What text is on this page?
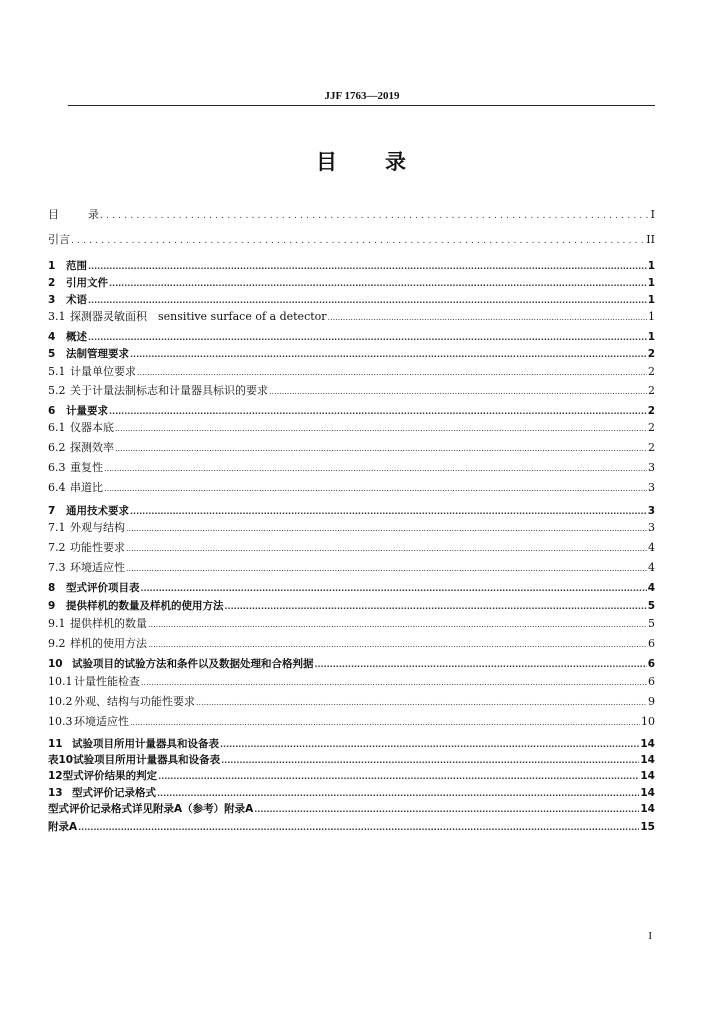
JJF 1763—2019
目　　录
目	录 .....	I
引言 .....	II
1	范围 .....	1
2	引用文件 .....	1
3	术语 .....	1
3.1 探测器灵敏面积　sensitive surface of a detector .....	1
4	概述 .....	1
5	法制管理要求 .....	2
5.1 计量单位要求 .....	2
5.2 关于计量法制标志和计量器具标识的要求 .....	2
6	计量要求 .....	2
6.1 仪器本底 .....	2
6.2 探测效率 .....	2
6.3 重复性 .....	3
6.4 串道比 .....	3
7	通用技术要求 .....	3
7.1 外观与结构 .....	3
7.2 功能性要求 .....	4
7.3 环境适应性 .....	4
8	型式评价项目表 .....	4
9	提供样机的数量及样机的使用方法 .....	5
9.1 提供样机的数量 .....	5
9.2 样机的使用方法 .....	6
10 试验项目的试验方法和条件以及数据处理和合格判据 .....	6
10.1 计量性能检查 .....	6
10.2 外观、结构与功能性要求 .....	9
10.3 环境适应性 .....	10
11 试验项目所用计量器具和设备表 .....	14
表10试验项目所用计量器具和设备表 .....	14
12型式评价结果的判定 .....	14
13 型式评价记录格式 .....	14
型式评价记录格式详见附录A（参考）附录A .....	14
附录A .....	15
I
